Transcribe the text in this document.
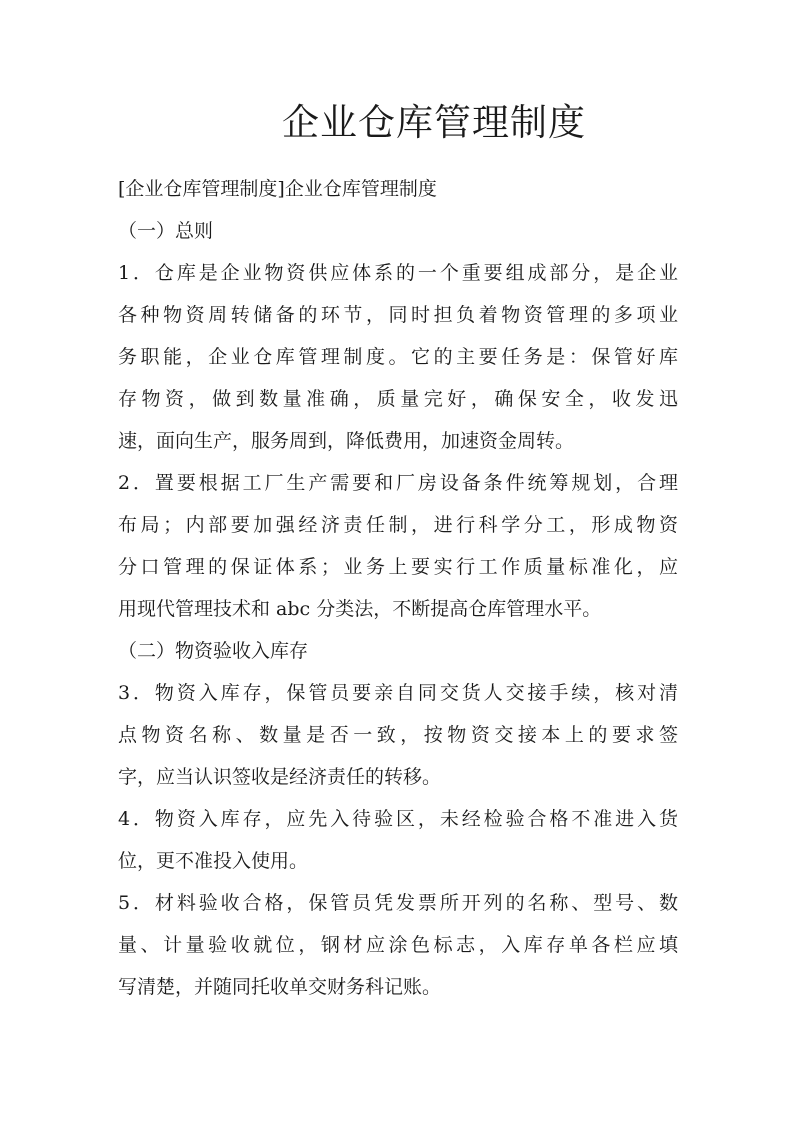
企业仓库管理制度
[企业仓库管理制度]企业仓库管理制度
（一）总则
1．仓库是企业物资供应体系的一个重要组成部分，是企业
各种物资周转储备的环节，同时担负着物资管理的多项业
务职能，企业仓库管理制度。它的主要任务是：保管好库
存物资，做到数量准确，质量完好，确保安全，收发迅
速，面向生产，服务周到，降低费用，加速资金周转。
2．置要根据工厂生产需要和厂房设备条件统筹规划，合理
布局；内部要加强经济责任制，进行科学分工，形成物资
分口管理的保证体系；业务上要实行工作质量标准化，应
用现代管理技术和 abc 分类法，不断提高仓库管理水平。
（二）物资验收入库存
3．物资入库存，保管员要亲自同交货人交接手续，核对清
点物资名称、数量是否一致，按物资交接本上的要求签
字，应当认识签收是经济责任的转移。
4．物资入库存，应先入待验区，未经检验合格不准进入货
位，更不准投入使用。
5．材料验收合格，保管员凭发票所开列的名称、型号、数
量、计量验收就位，钢材应涂色标志，入库存单各栏应填
写清楚，并随同托收单交财务科记账。
